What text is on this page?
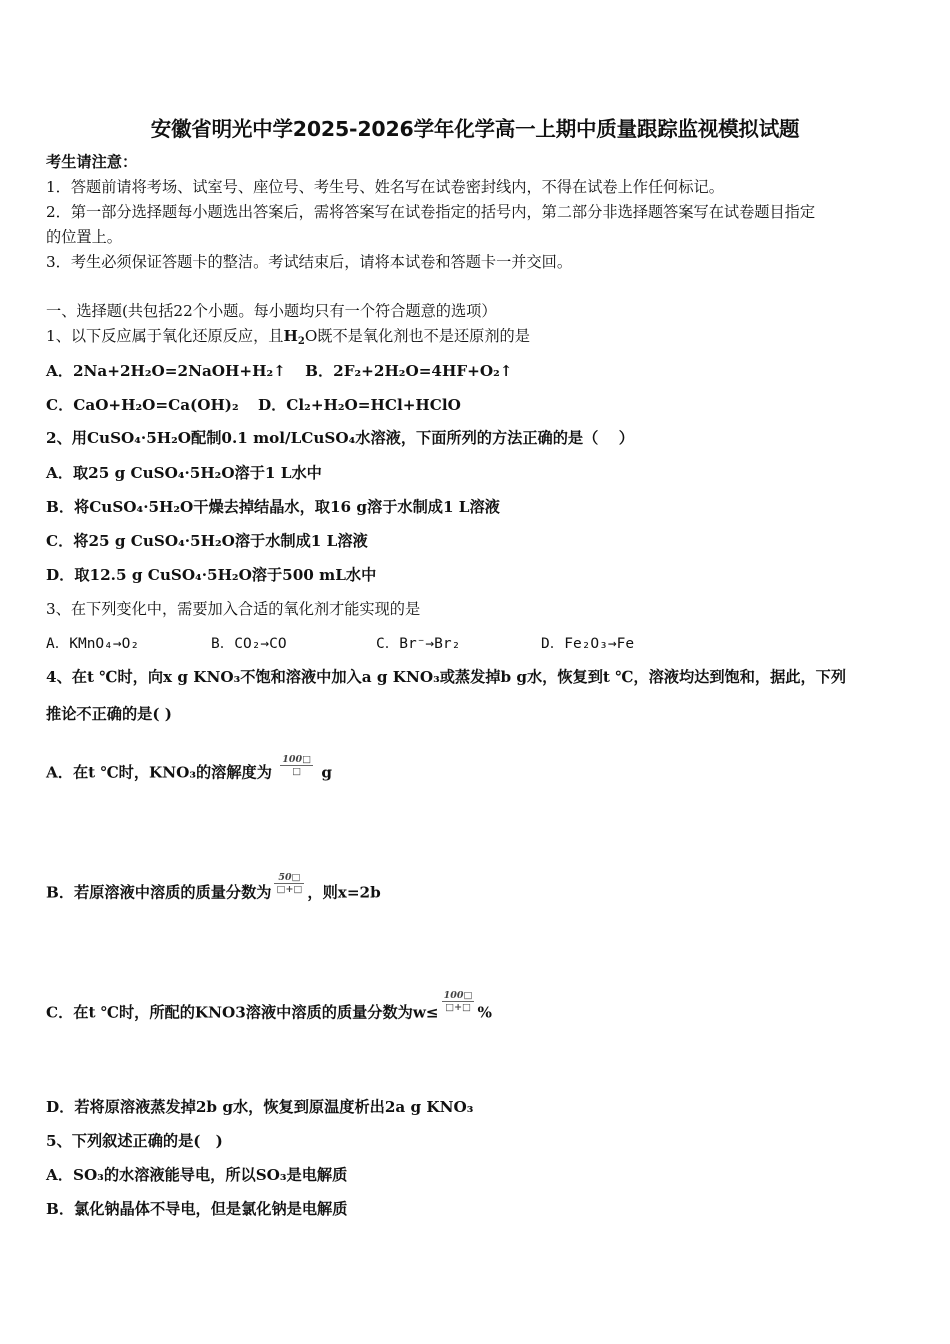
安徽省明光中学2025-2026学年化学高一上期中质量跟踪监视模拟试题
考生请注意：
1．答题前请将考场、试室号、座位号、考生号、姓名写在试卷密封线内，不得在试卷上作任何标记。
2．第一部分选择题每小题选出答案后，需将答案写在试卷指定的括号内，第二部分非选择题答案写在试卷题目指定
的位置上。
3．考生必须保证答题卡的整洁。考试结束后，请将本试卷和答题卡一并交回。
一、选择题(共包括22个小题。每小题均只有一个符合题意的选项）
1、以下反应属于氧化还原反应，且$H_2O$既不是氧化剂也不是还原剂的是
A．2Na+2H₂O=2NaOH+H₂↑ B．2F₂+2H₂O=4HF+O₂↑
C．CaO+H₂O=Ca(OH)₂ D．Cl₂+H₂O=HCl+HClO
2、用CuSO₄·5H₂O配制0.1 mol/LCuSO₄水溶液，下面所列的方法正确的是（　 ）
A．取25 g CuSO₄·5H₂O溶于1 L水中
B．将CuSO₄·5H₂O干燥去掉结晶水，取16 g溶于水制成1 L溶液
C．将25 g CuSO₄·5H₂O溶于水制成1 L溶液
D．取12.5 g CuSO₄·5H₂O溶于500 mL水中
3、在下列变化中，需要加入合适的氧化剂才能实现的是
A．KMnO₄→O₂	B．CO₂→CO	C．Br⁻→Br₂	D．Fe₂O₃→Fe
4、在t ℃时，向x g KNO₃不饱和溶液中加入a g KNO₃或蒸发掉b g水，恢复到t ℃，溶液均达到饱和，据此，下列
推论不正确的是( )
A．在t ℃时，KNO₃的溶解度为 $\frac{100□}{□}$ g
B．若原溶液中溶质的质量分数为 $\frac{50□}{□+□}$ ，则x=2b
C．在t ℃时，所配的KNO3溶液中溶质的质量分数为$w\le \frac{100□}{□+□}$ %
D．若将原溶液蒸发掉2b g水，恢复到原温度析出2a g KNO₃
5、下列叙述正确的是(　)
A．SO₃的水溶液能导电，所以SO₃是电解质
B．氯化钠晶体不导电，但是氯化钠是电解质
